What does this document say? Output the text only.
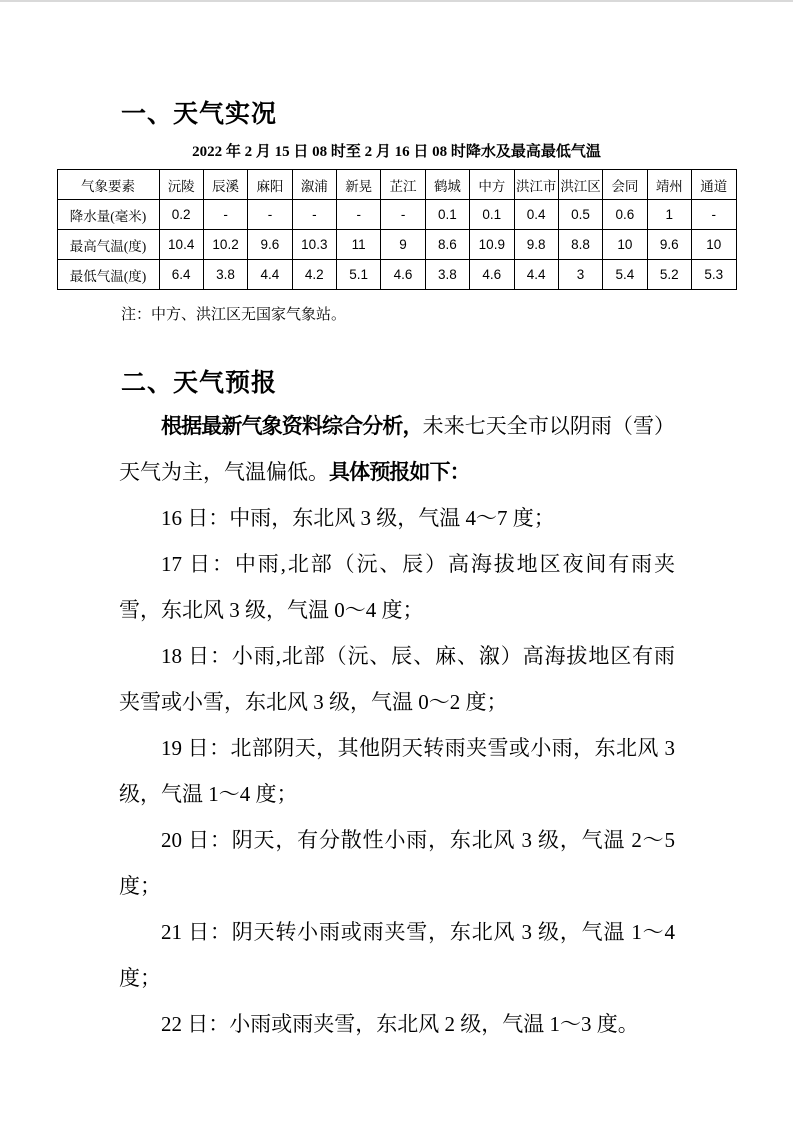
一、天气实况
2022 年 2 月 15 日 08 时至 2 月 16 日 08 时降水及最高最低气温
气象要素	沅陵	辰溪	麻阳	溆浦	新晃	芷江	鹤城	中方	洪江市	洪江区	会同	靖州	通道
降水量(毫米)	0.2	-	-	-	-	-	0.1	0.1	0.4	0.5	0.6	1	-
最高气温(度)	10.4	10.2	9.6	10.3	11	9	8.6	10.9	9.8	8.8	10	9.6	10
最低气温(度)	6.4	3.8	4.4	4.2	5.1	4.6	3.8	4.6	4.4	3	5.4	5.2	5.3
注：中方、洪江区无国家气象站。
二、天气预报

根据最新气象资料综合分析，未来七天全市以阴雨（雪）天气为主，气温偏低。具体预报如下：

16 日：中雨，东北风 3 级，气温 4～7 度；

17 日：中雨,北部（沅、辰）高海拔地区夜间有雨夹雪，东北风 3 级，气温 0～4 度；

18 日：小雨,北部（沅、辰、麻、溆）高海拔地区有雨夹雪或小雪，东北风 3 级，气温 0～2 度；

19 日：北部阴天，其他阴天转雨夹雪或小雨，东北风 3 级，气温 1～4 度；

20 日：阴天，有分散性小雨，东北风 3 级，气温 2～5 度；

21 日：阴天转小雨或雨夹雪，东北风 3 级，气温 1～4 度；

22 日：小雨或雨夹雪，东北风 2 级，气温 1～3 度。
